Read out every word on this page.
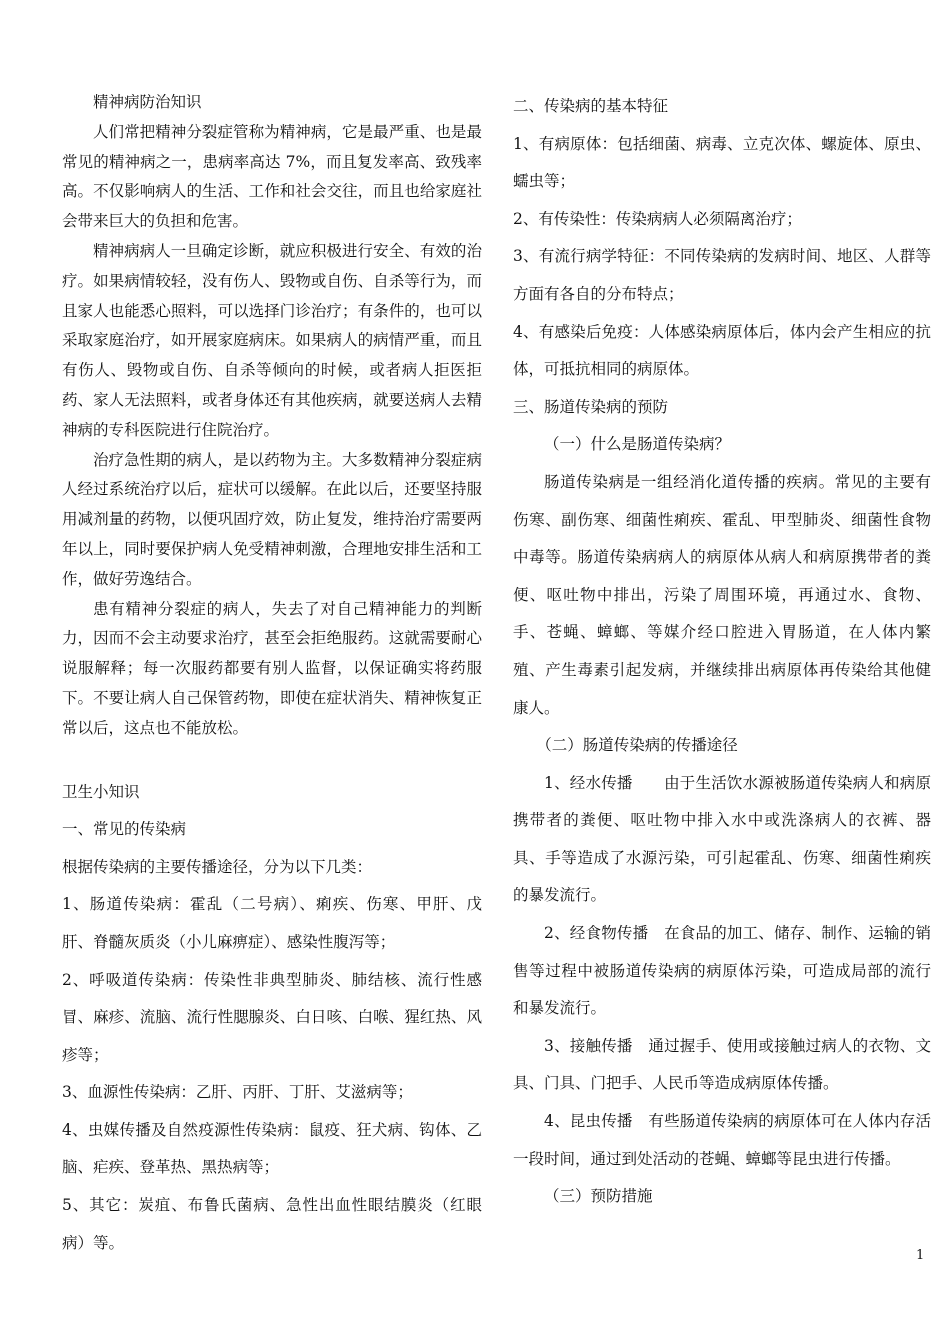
精神病防治知识

人们常把精神分裂症管称为精神病，它是最严重、也是最常见的精神病之一，患病率高达 7%，而且复发率高、致残率高。不仅影响病人的生活、工作和社会交往，而且也给家庭社会带来巨大的负担和危害。

精神病病人一旦确定诊断，就应积极进行安全、有效的治疗。如果病情较轻，没有伤人、毁物或自伤、自杀等行为，而且家人也能悉心照料，可以选择门诊治疗；有条件的，也可以采取家庭治疗，如开展家庭病床。如果病人的病情严重，而且有伤人、毁物或自伤、自杀等倾向的时候，或者病人拒医拒药、家人无法照料，或者身体还有其他疾病，就要送病人去精神病的专科医院进行住院治疗。

治疗急性期的病人，是以药物为主。大多数精神分裂症病人经过系统治疗以后，症状可以缓解。在此以后，还要坚持服用减剂量的药物，以便巩固疗效，防止复发，维持治疗需要两年以上，同时要保护病人免受精神刺激，合理地安排生活和工作，做好劳逸结合。

患有精神分裂症的病人，失去了对自己精神能力的判断力，因而不会主动要求治疗，甚至会拒绝服药。这就需要耐心说服解释；每一次服药都要有别人监督，以保证确实将药服下。不要让病人自己保管药物，即使在症状消失、精神恢复正常以后，这点也不能放松。

卫生小知识

一、常见的传染病

根据传染病的主要传播途径，分为以下几类：

1、肠道传染病：霍乱（二号病）、痢疾、伤寒、甲肝、戊肝、脊髓灰质炎（小儿麻痹症）、感染性腹泻等；

2、呼吸道传染病：传染性非典型肺炎、肺结核、流行性感冒、麻疹、流脑、流行性腮腺炎、白日咳、白喉、猩红热、风疹等；

3、血源性传染病：乙肝、丙肝、丁肝、艾滋病等；

4、虫媒传播及自然疫源性传染病：鼠疫、狂犬病、钩体、乙脑、疟疾、登革热、黑热病等；

5、其它：炭疽、布鲁氏菌病、急性出血性眼结膜炎（红眼病）等。

二、传染病的基本特征

1、有病原体：包括细菌、病毒、立克次体、螺旋体、原虫、蠕虫等；

2、有传染性：传染病病人必须隔离治疗；

3、有流行病学特征：不同传染病的发病时间、地区、人群等方面有各自的分布特点；

4、有感染后免疫：人体感染病原体后，体内会产生相应的抗体，可抵抗相同的病原体。

三、肠道传染病的预防

（一）什么是肠道传染病？

肠道传染病是一组经消化道传播的疾病。常见的主要有伤寒、副伤寒、细菌性痢疾、霍乱、甲型肺炎、细菌性食物中毒等。肠道传染病病人的病原体从病人和病原携带者的粪便、呕吐物中排出，污染了周围环境，再通过水、食物、手、苍蝇、蟑螂、等媒介经口腔进入胃肠道，在人体内繁殖、产生毒素引起发病，并继续排出病原体再传染给其他健康人。

（二）肠道传染病的传播途径

1、经水传播　　由于生活饮水源被肠道传染病人和病原携带者的粪便、呕吐物中排入水中或洗涤病人的衣裤、器具、手等造成了水源污染，可引起霍乱、伤寒、细菌性痢疾的暴发流行。

2、经食物传播　在食品的加工、储存、制作、运输的销售等过程中被肠道传染病的病原体污染，可造成局部的流行和暴发流行。

3、接触传播　通过握手、使用或接触过病人的衣物、文具、门具、门把手、人民币等造成病原体传播。

4、昆虫传播　有些肠道传染病的病原体可在人体内存活一段时间，通过到处活动的苍蝇、蟑螂等昆虫进行传播。

（三）预防措施

1
